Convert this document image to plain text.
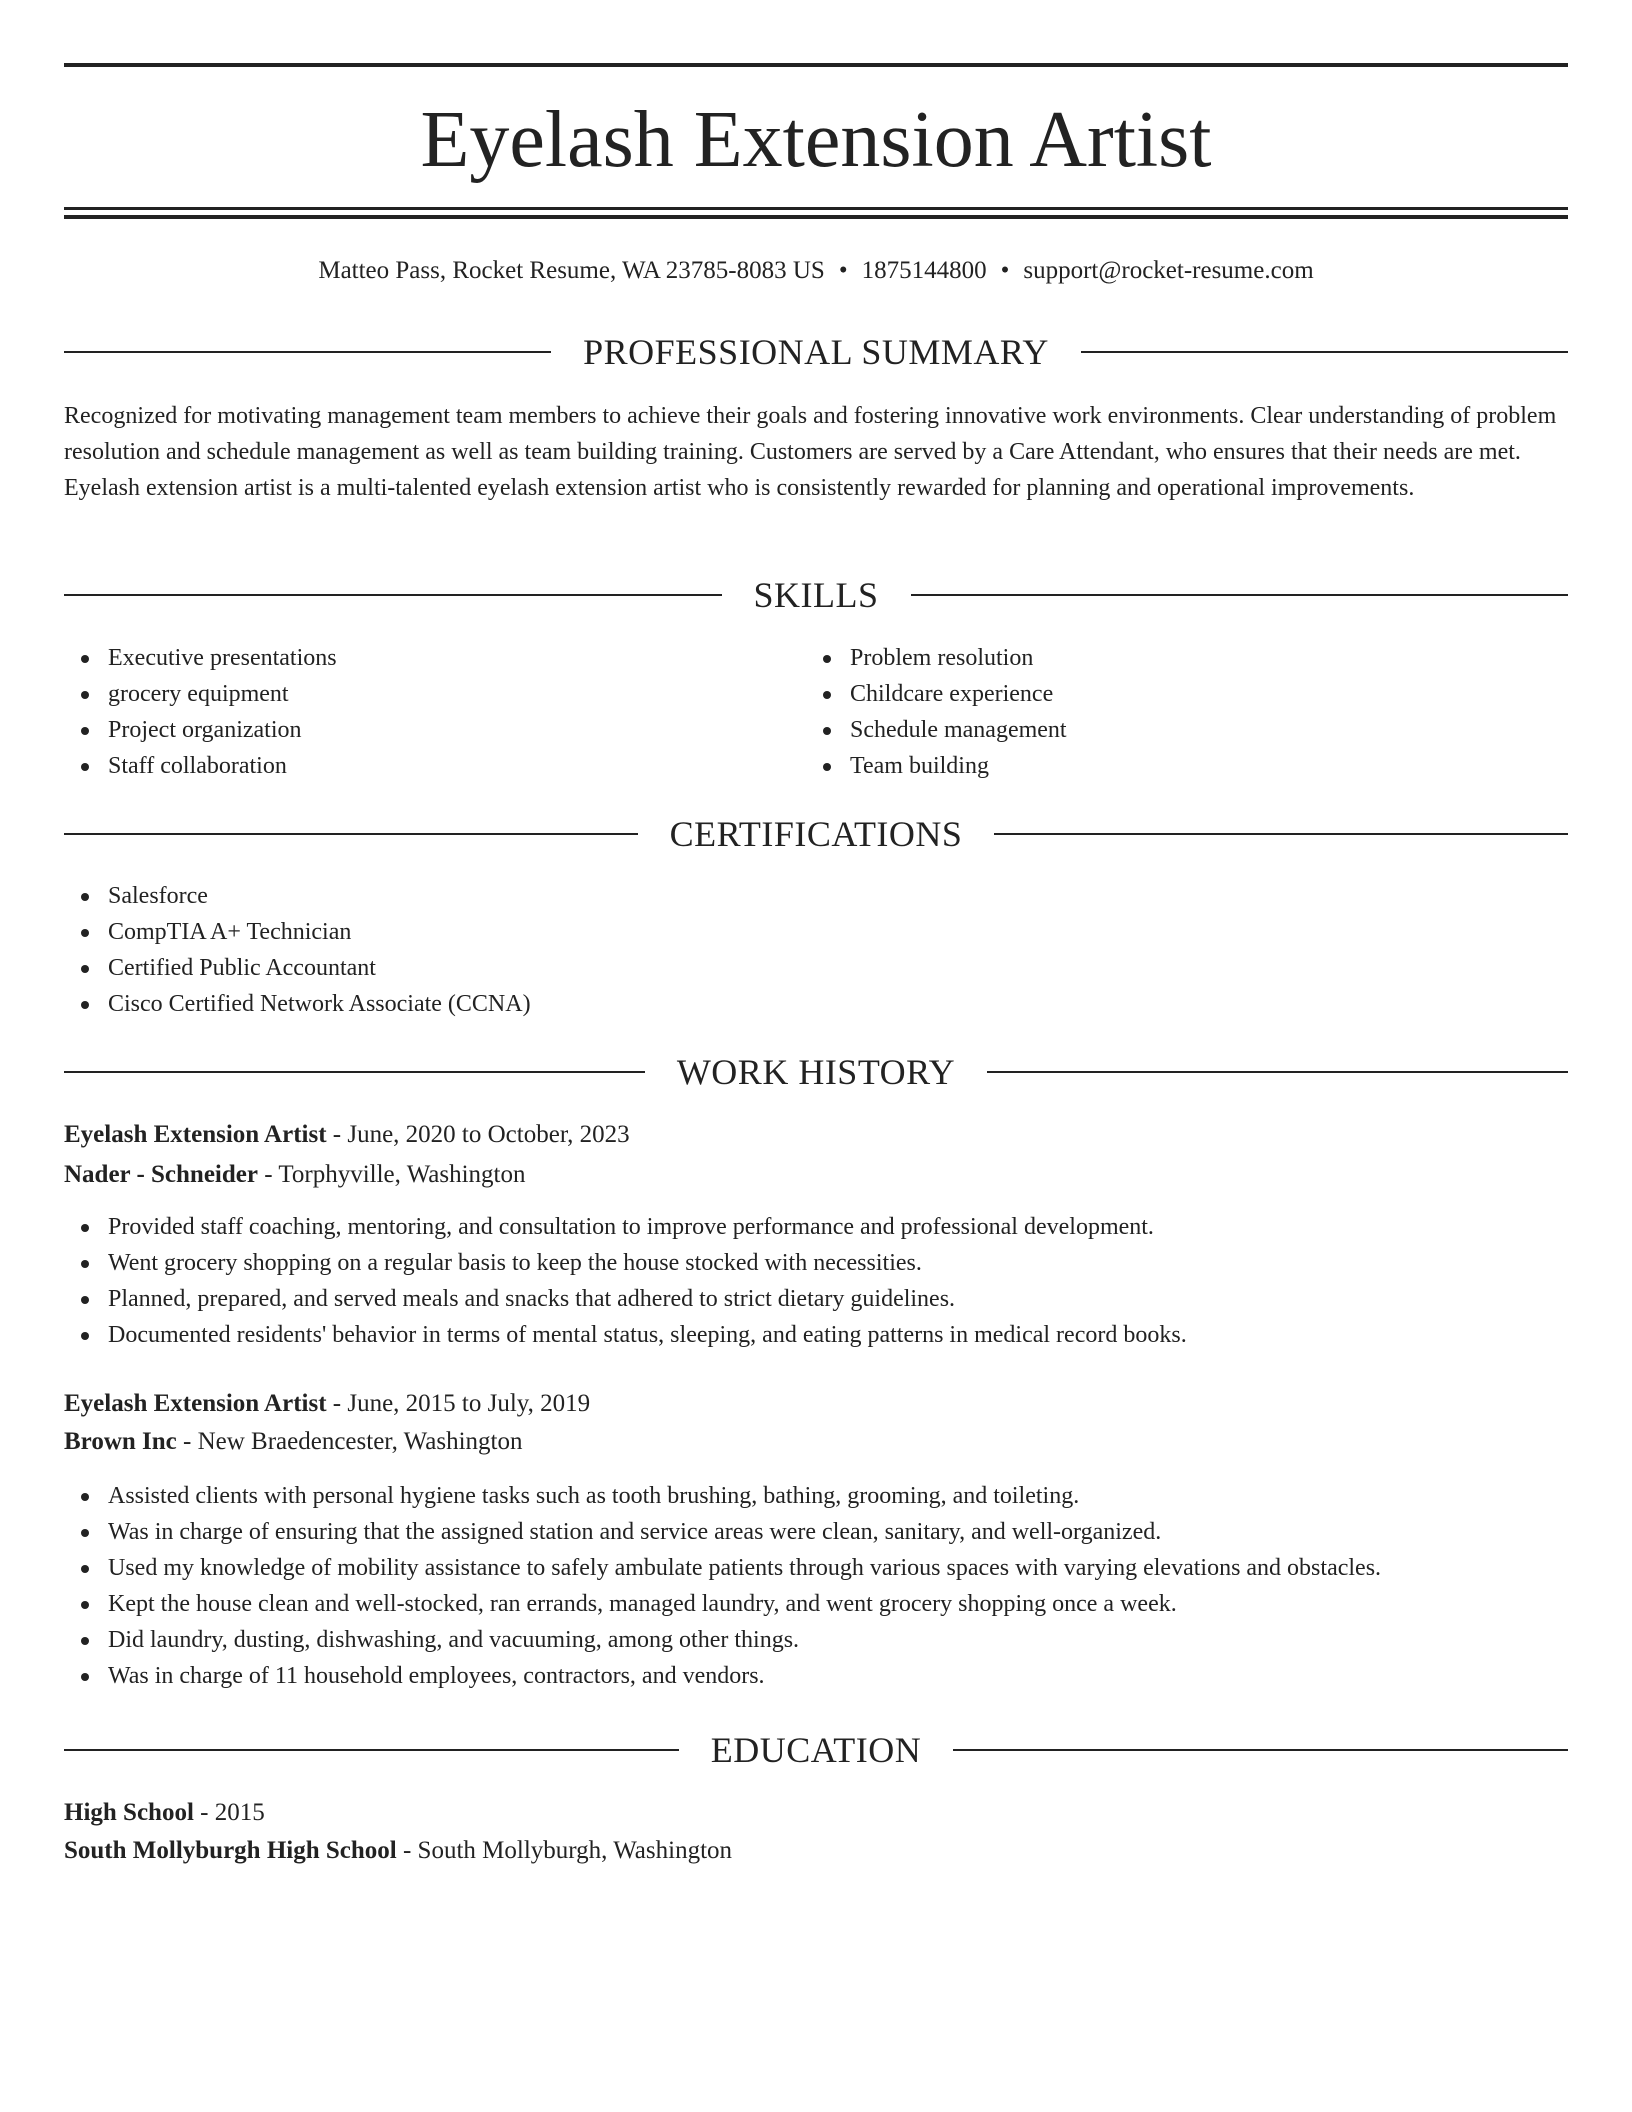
Eyelash Extension Artist
Matteo Pass, Rocket Resume, WA 23785-8083 US • 1875144800 • support@rocket-resume.com
PROFESSIONAL SUMMARY
Recognized for motivating management team members to achieve their goals and fostering innovative work environments. Clear understanding of problem resolution and schedule management as well as team building training. Customers are served by a Care Attendant, who ensures that their needs are met. Eyelash extension artist is a multi-talented eyelash extension artist who is consistently rewarded for planning and operational improvements.
SKILLS
Executive presentations
grocery equipment
Project organization
Staff collaboration
Problem resolution
Childcare experience
Schedule management
Team building
CERTIFICATIONS
Salesforce
CompTIA A+ Technician
Certified Public Accountant
Cisco Certified Network Associate (CCNA)
WORK HISTORY
Eyelash Extension Artist - June, 2020 to October, 2023
Nader - Schneider - Torphyville, Washington
Provided staff coaching, mentoring, and consultation to improve performance and professional development.
Went grocery shopping on a regular basis to keep the house stocked with necessities.
Planned, prepared, and served meals and snacks that adhered to strict dietary guidelines.
Documented residents' behavior in terms of mental status, sleeping, and eating patterns in medical record books.
Eyelash Extension Artist - June, 2015 to July, 2019
Brown Inc - New Braedencester, Washington
Assisted clients with personal hygiene tasks such as tooth brushing, bathing, grooming, and toileting.
Was in charge of ensuring that the assigned station and service areas were clean, sanitary, and well-organized.
Used my knowledge of mobility assistance to safely ambulate patients through various spaces with varying elevations and obstacles.
Kept the house clean and well-stocked, ran errands, managed laundry, and went grocery shopping once a week.
Did laundry, dusting, dishwashing, and vacuuming, among other things.
Was in charge of 11 household employees, contractors, and vendors.
EDUCATION
High School - 2015
South Mollyburgh High School - South Mollyburgh, Washington
